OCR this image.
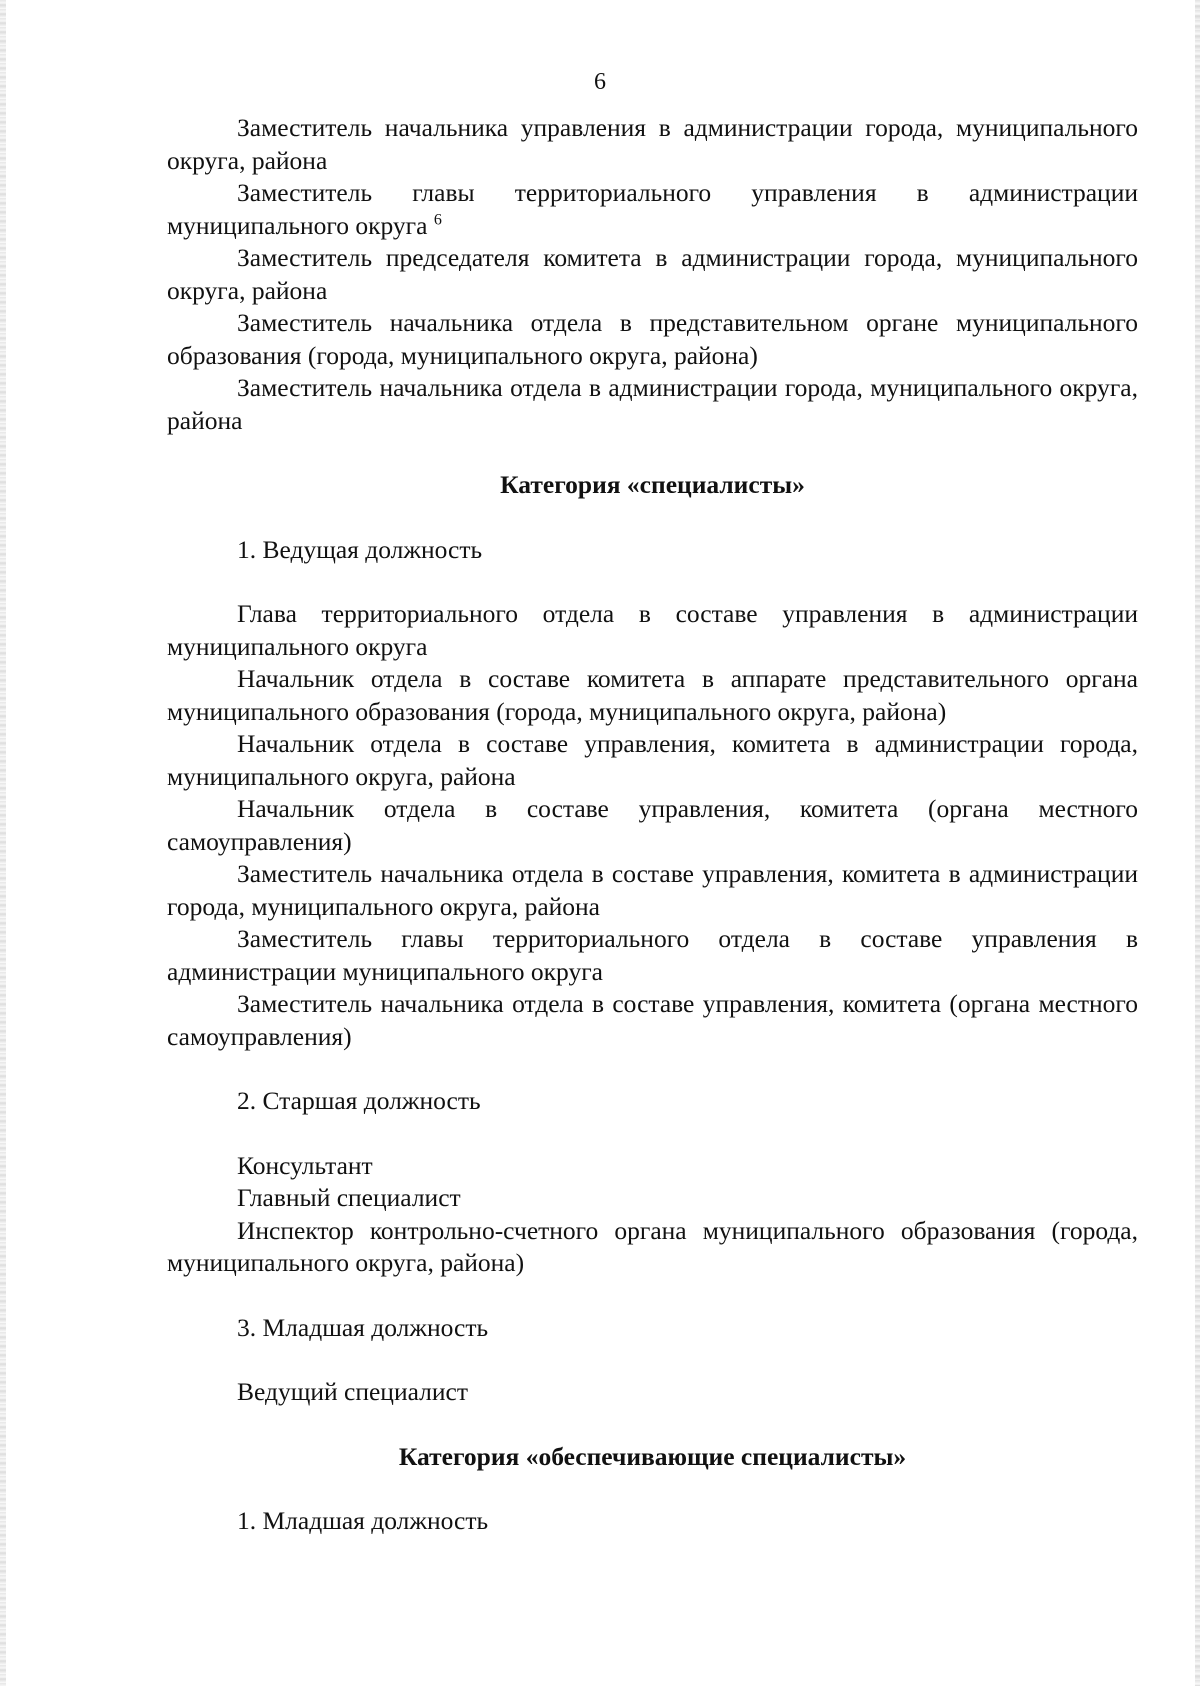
6

Заместитель начальника управления в администрации города, муниципального округа, района

Заместитель главы территориального управления в администрации муниципального округа $^6$

Заместитель председателя комитета в администрации города, муниципального округа, района

Заместитель начальника отдела в представительном органе муниципального образования (города, муниципального округа, района)

Заместитель начальника отдела в администрации города, муниципального округа, района

Категория «специалисты»

1. Ведущая должность

Глава территориального отдела в составе управления в администрации муниципального округа

Начальник отдела в составе комитета в аппарате представительного органа муниципального образования (города, муниципального округа, района)

Начальник отдела в составе управления, комитета в администрации города, муниципального округа, района

Начальник отдела в составе управления, комитета (органа местного самоуправления)

Заместитель начальника отдела в составе управления, комитета в администрации города, муниципального округа, района

Заместитель главы территориального отдела в составе управления в администрации муниципального округа

Заместитель начальника отдела в составе управления, комитета (органа местного самоуправления)

2. Старшая должность

Консультант

Главный специалист

Инспектор контрольно-счетного органа муниципального образования (города, муниципального округа, района)

3. Младшая должность

Ведущий специалист

Категория «обеспечивающие специалисты»

1. Младшая должность
